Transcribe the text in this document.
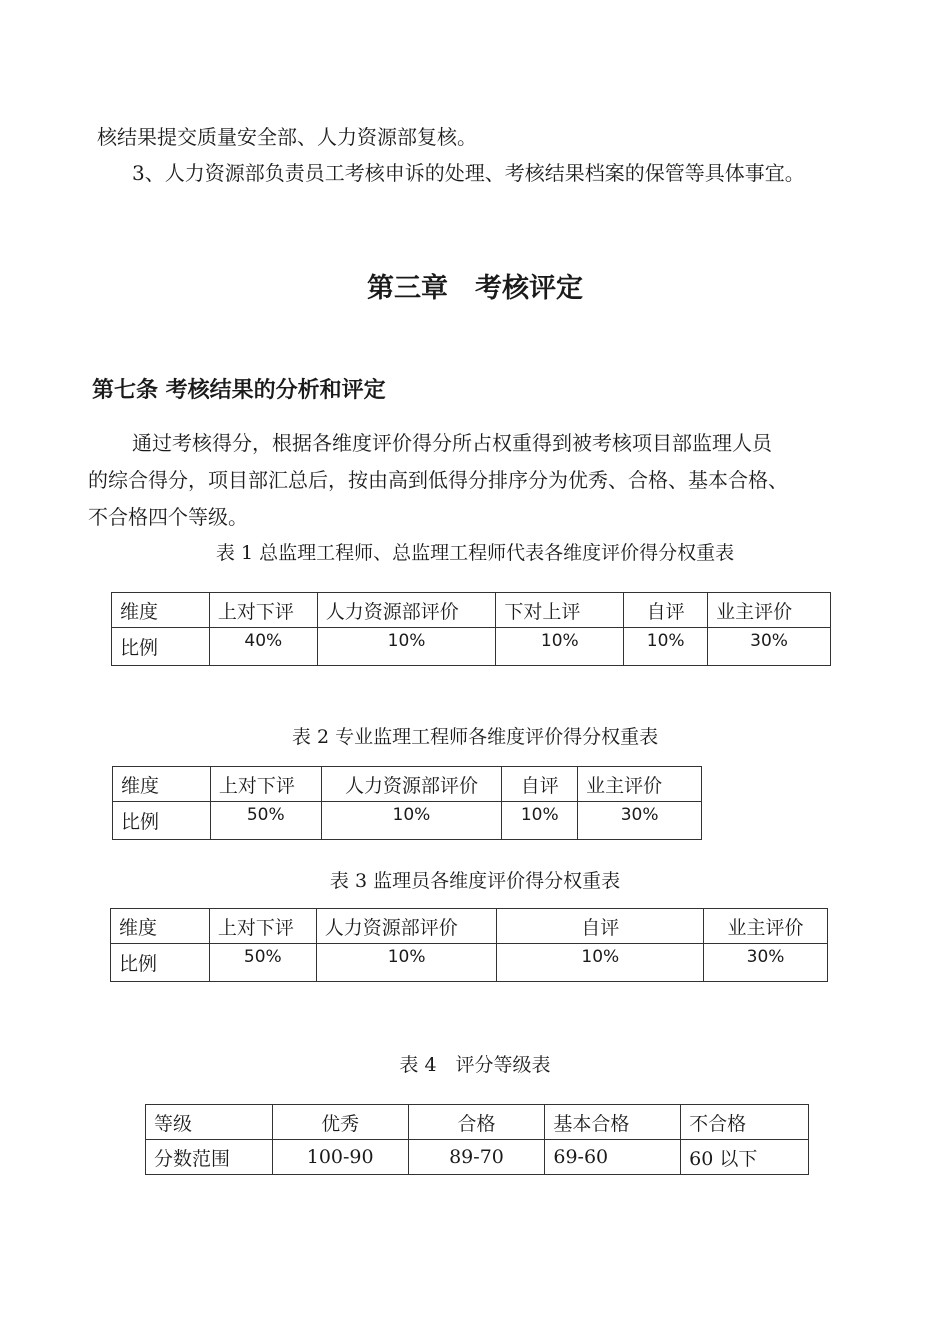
核结果提交质量安全部、人力资源部复核。
3、人力资源部负责员工考核申诉的处理、考核结果档案的保管等具体事宜。
第三章　考核评定
第七条 考核结果的分析和评定
通过考核得分，根据各维度评价得分所占权重得到被考核项目部监理人员
的综合得分，项目部汇总后，按由高到低得分排序分为优秀、合格、基本合格、
不合格四个等级。
表 1 总监理工程师、总监理工程师代表各维度评价得分权重表
维度	上对下评	人力资源部评价	下对上评	自评	业主评价
比例	40%	10%	10%	10%	30%
表 2 专业监理工程师各维度评价得分权重表
维度	上对下评	人力资源部评价	自评	业主评价
比例	50%	10%	10%	30%
表 3 监理员各维度评价得分权重表
维度	上对下评	人力资源部评价	自评	业主评价
比例	50%	10%	10%	30%
表 4　评分等级表
等级	优秀	合格	基本合格	不合格
分数范围	100-90	89-70	69-60	60 以下
